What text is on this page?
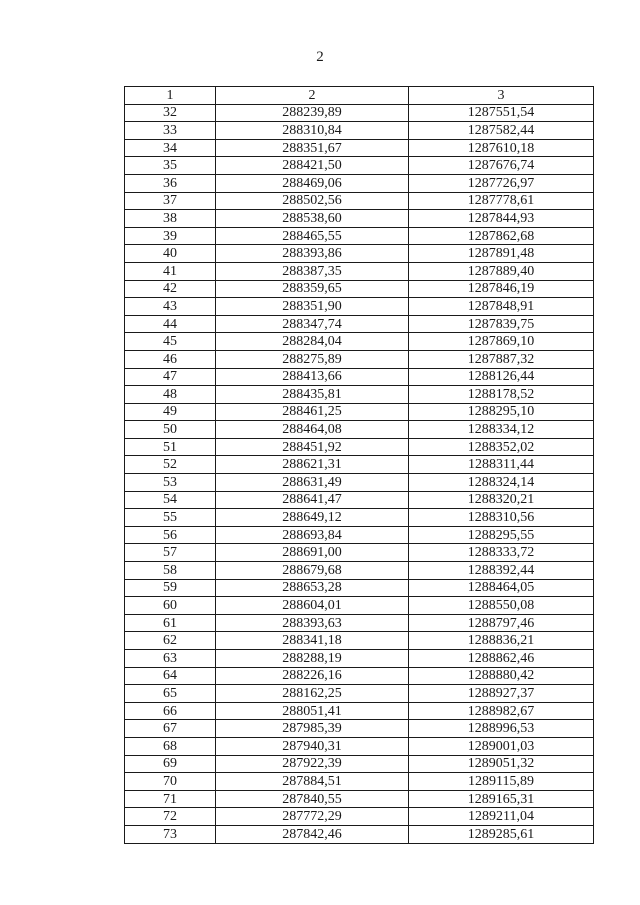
2
1	2	3
32	288239,89	1287551,54
33	288310,84	1287582,44
34	288351,67	1287610,18
35	288421,50	1287676,74
36	288469,06	1287726,97
37	288502,56	1287778,61
38	288538,60	1287844,93
39	288465,55	1287862,68
40	288393,86	1287891,48
41	288387,35	1287889,40
42	288359,65	1287846,19
43	288351,90	1287848,91
44	288347,74	1287839,75
45	288284,04	1287869,10
46	288275,89	1287887,32
47	288413,66	1288126,44
48	288435,81	1288178,52
49	288461,25	1288295,10
50	288464,08	1288334,12
51	288451,92	1288352,02
52	288621,31	1288311,44
53	288631,49	1288324,14
54	288641,47	1288320,21
55	288649,12	1288310,56
56	288693,84	1288295,55
57	288691,00	1288333,72
58	288679,68	1288392,44
59	288653,28	1288464,05
60	288604,01	1288550,08
61	288393,63	1288797,46
62	288341,18	1288836,21
63	288288,19	1288862,46
64	288226,16	1288880,42
65	288162,25	1288927,37
66	288051,41	1288982,67
67	287985,39	1288996,53
68	287940,31	1289001,03
69	287922,39	1289051,32
70	287884,51	1289115,89
71	287840,55	1289165,31
72	287772,29	1289211,04
73	287842,46	1289285,61
